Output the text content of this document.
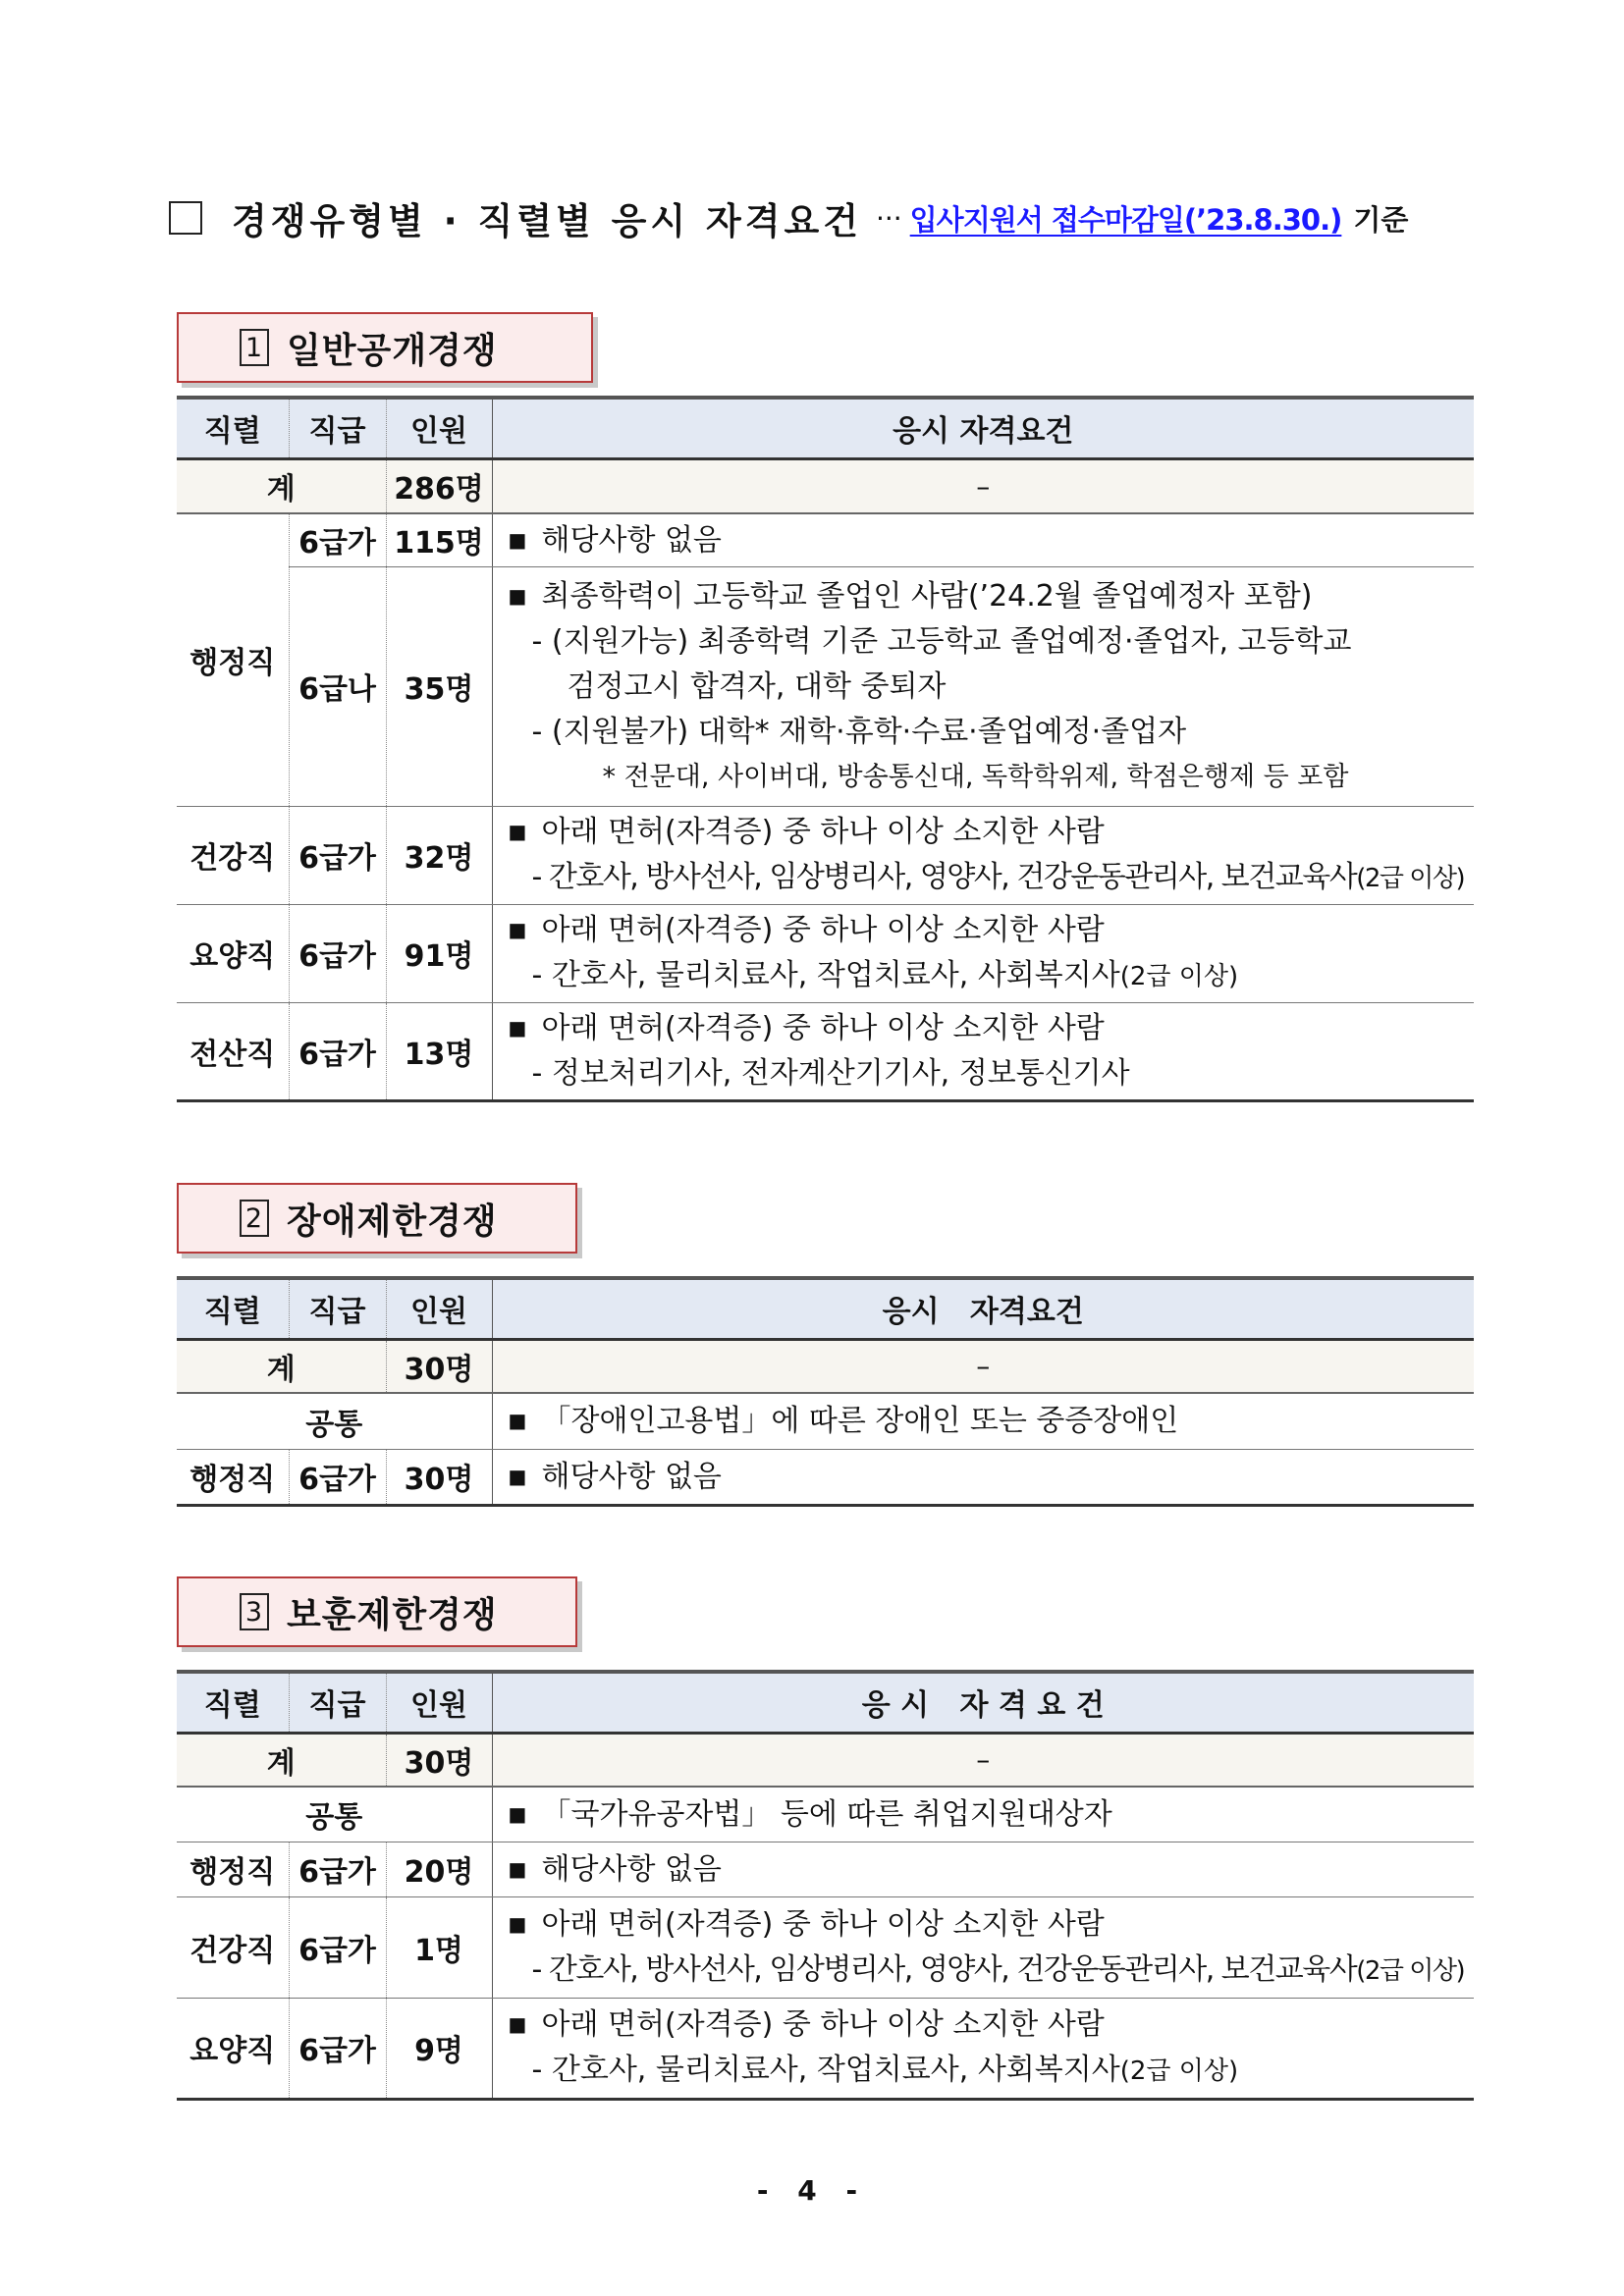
경쟁유형별 · 직렬별 응시 자격요건 ··· 입사지원서 접수마감일(’23.8.30.) 기준
1 일반공개경쟁
직렬	직급	인원	응시 자격요건
계		286명	–
행정직	6급가	115명	■ 해당사항 없음

	6급나	35명	■ 최종학력이 고등학교 졸업인 사람(’24.2월 졸업예정자 포함)
- (지원가능) 최종학력 기준 고등학교 졸업예정·졸업자, 고등학교
검정고시 합격자, 대학 중퇴자
- (지원불가) 대학* 재학·휴학·수료·졸업예정·졸업자
* 전문대, 사이버대, 방송통신대, 독학학위제, 학점은행제 등 포함

건강직	6급가	32명	■ 아래 면허(자격증) 중 하나 이상 소지한 사람
- 간호사, 방사선사, 임상병리사, 영양사, 건강운동관리사, 보건교육사(2급 이상)

요양직	6급가	91명	■ 아래 면허(자격증) 중 하나 이상 소지한 사람
- 간호사, 물리치료사, 작업치료사, 사회복지사(2급 이상)

전산직	6급가	13명	■ 아래 면허(자격증) 중 하나 이상 소지한 사람
- 정보처리기사, 전자계산기기사, 정보통신기사
2 장애제한경쟁
직렬	직급	인원	응시   자격요건
계		30명	–
공통			■ 「장애인고용법」에 따른 장애인 또는 중증장애인

행정직	6급가	30명	■ 해당사항 없음
3 보훈제한경쟁
직렬	직급	인원	응 시   자 격 요 건
계		30명	–
공통			■ 「국가유공자법」 등에 따른 취업지원대상자

행정직	6급가	20명	■ 해당사항 없음

건강직	6급가	1명	■ 아래 면허(자격증) 중 하나 이상 소지한 사람
- 간호사, 방사선사, 임상병리사, 영양사, 건강운동관리사, 보건교육사(2급 이상)

요양직	6급가	9명	■ 아래 면허(자격증) 중 하나 이상 소지한 사람
- 간호사, 물리치료사, 작업치료사, 사회복지사(2급 이상)
- 4 -
